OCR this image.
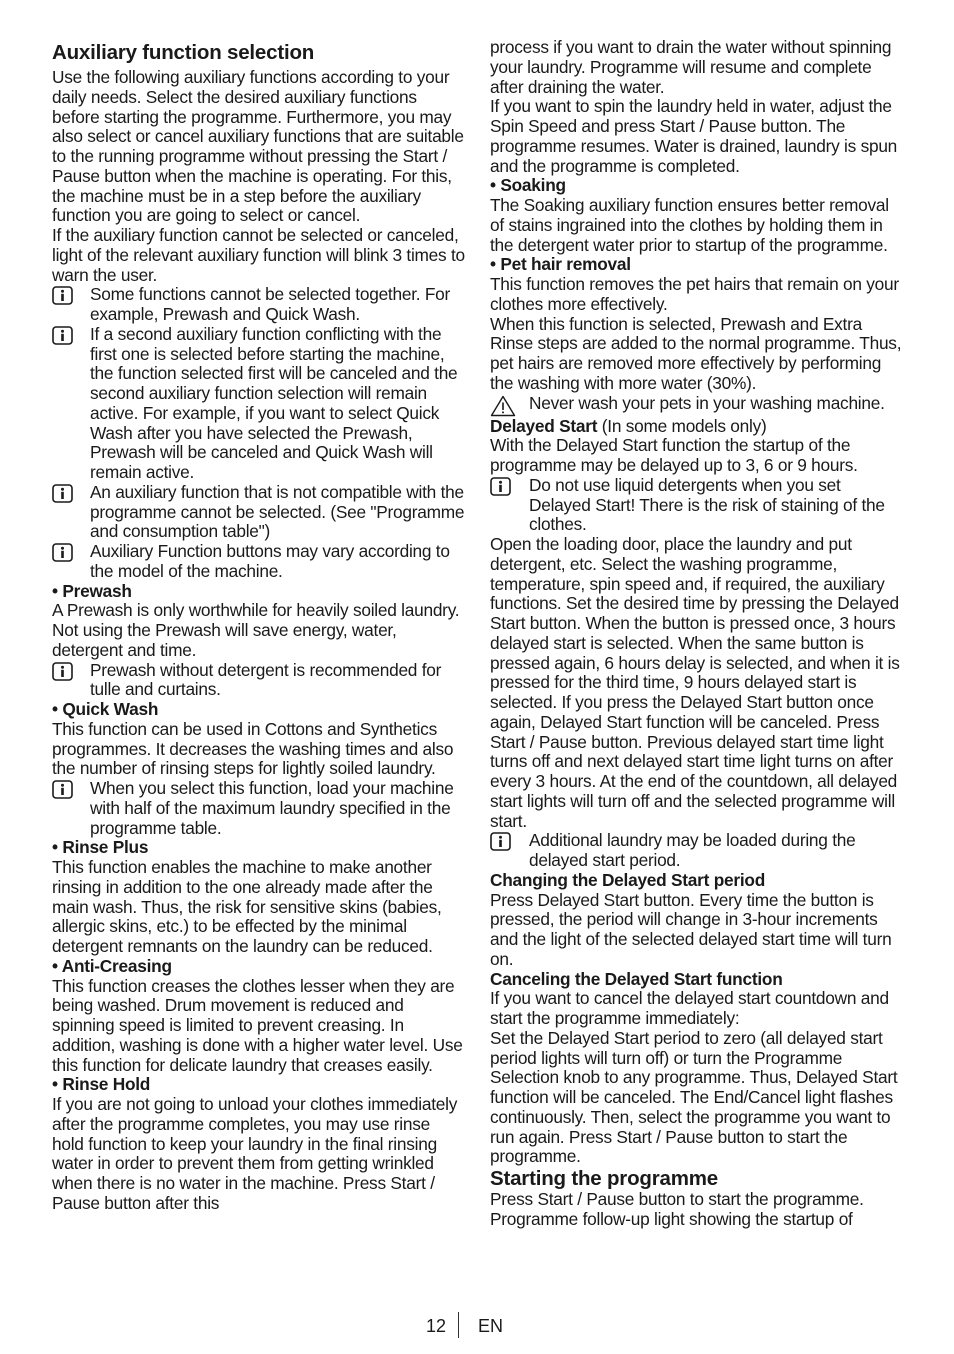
Auxiliary function selection

Use the following auxiliary functions according to your daily needs. Select the desired auxiliary functions before starting the programme. Furthermore, you may also select or cancel auxiliary functions that are suitable to the running programme without pressing the Start / Pause button when the machine is operating. For this, the machine must be in a step before the auxiliary function you are going to select or cancel.

If the auxiliary function cannot be selected or canceled, light of the relevant auxiliary function will blink 3 times to warn the user.

Some functions cannot be selected together. For example, Prewash and Quick Wash.
If a second auxiliary function conflicting with the first one is selected before starting the machine, the function selected first will be canceled and the second auxiliary function selection will remain active. For example, if you want to select Quick Wash after you have selected the Prewash, Prewash will be canceled and Quick Wash will remain active.
An auxiliary function that is not compatible with the programme cannot be selected. (See "Programme and consumption table")
Auxiliary Function buttons may vary according to the model of the machine.

• Prewash

A Prewash is only worthwhile for heavily soiled laundry. Not using the Prewash will save energy, water, detergent and time.

Prewash without detergent is recommended for tulle and curtains.

• Quick Wash

This function can be used in Cottons and Synthetics programmes. It decreases the washing times and also the number of rinsing steps for lightly soiled laundry.

When you select this function, load your machine with half of the maximum laundry specified in the programme table.

• Rinse Plus

This function enables the machine to make another rinsing in addition to the one already made after the main wash. Thus, the risk for sensitive skins (babies, allergic skins, etc.) to be effected by the minimal detergent remnants on the laundry can be reduced.

• Anti-Creasing

This function creases the clothes lesser when they are being washed. Drum movement is reduced and spinning speed is limited to prevent creasing. In addition, washing is done with a higher water level. Use this function for delicate laundry that creases easily.

• Rinse Hold

If you are not going to unload your clothes immediately after the programme completes, you may use rinse hold function to keep your laundry in the final rinsing water in order to prevent them from getting wrinkled when there is no water in the machine. Press Start / Pause button after this

process if you want to drain the water without spinning your laundry. Programme will resume and complete after draining the water.

If you want to spin the laundry held in water, adjust the Spin Speed and press Start / Pause button. The programme resumes. Water is drained, laundry is spun and the programme is completed.

• Soaking

The Soaking auxiliary function ensures better removal of stains ingrained into the clothes by holding them in the detergent water prior to startup of the programme.

• Pet hair removal

This function removes the pet hairs that remain on your clothes more effectively.

When this function is selected, Prewash and Extra Rinse steps are added to the normal programme. Thus, pet hairs are removed more effectively by performing the washing with more water (30%).

Never wash your pets in your washing machine.

Delayed Start (In some models only)

With the Delayed Start function the startup of the programme may be delayed up to 3, 6 or 9 hours.

Do not use liquid detergents when you set Delayed Start! There is the risk of staining of the clothes.

Open the loading door, place the laundry and put detergent, etc. Select the washing programme, temperature, spin speed and, if required, the auxiliary functions. Set the desired time by pressing the Delayed Start button. When the button is pressed once, 3 hours delayed start is selected. When the same button is pressed again, 6 hours delay is selected, and when it is pressed for the third time, 9 hours delayed start is selected. If you press the Delayed Start button once again, Delayed Start function will be canceled. Press Start / Pause button. Previous delayed start time light turns off and next delayed start time light turns on after every 3 hours. At the end of the countdown, all delayed start lights will turn off and the selected programme will start.

Additional laundry may be loaded during the delayed start period.

Changing the Delayed Start period

Press Delayed Start button. Every time the button is pressed, the period will change in 3-hour increments and the light of the selected delayed start time will turn on.

Canceling the Delayed Start function

If you want to cancel the delayed start countdown and start the programme immediately:

Set the Delayed Start period to zero (all delayed start period lights will turn off) or turn the Programme Selection knob to any programme. Thus, Delayed Start function will be canceled. The End/Cancel light flashes continuously. Then, select the programme you want to run again. Press Start / Pause button to start the programme.

Starting the programme

Press Start / Pause button to start the programme. Programme follow-up light showing the startup of

12 EN
